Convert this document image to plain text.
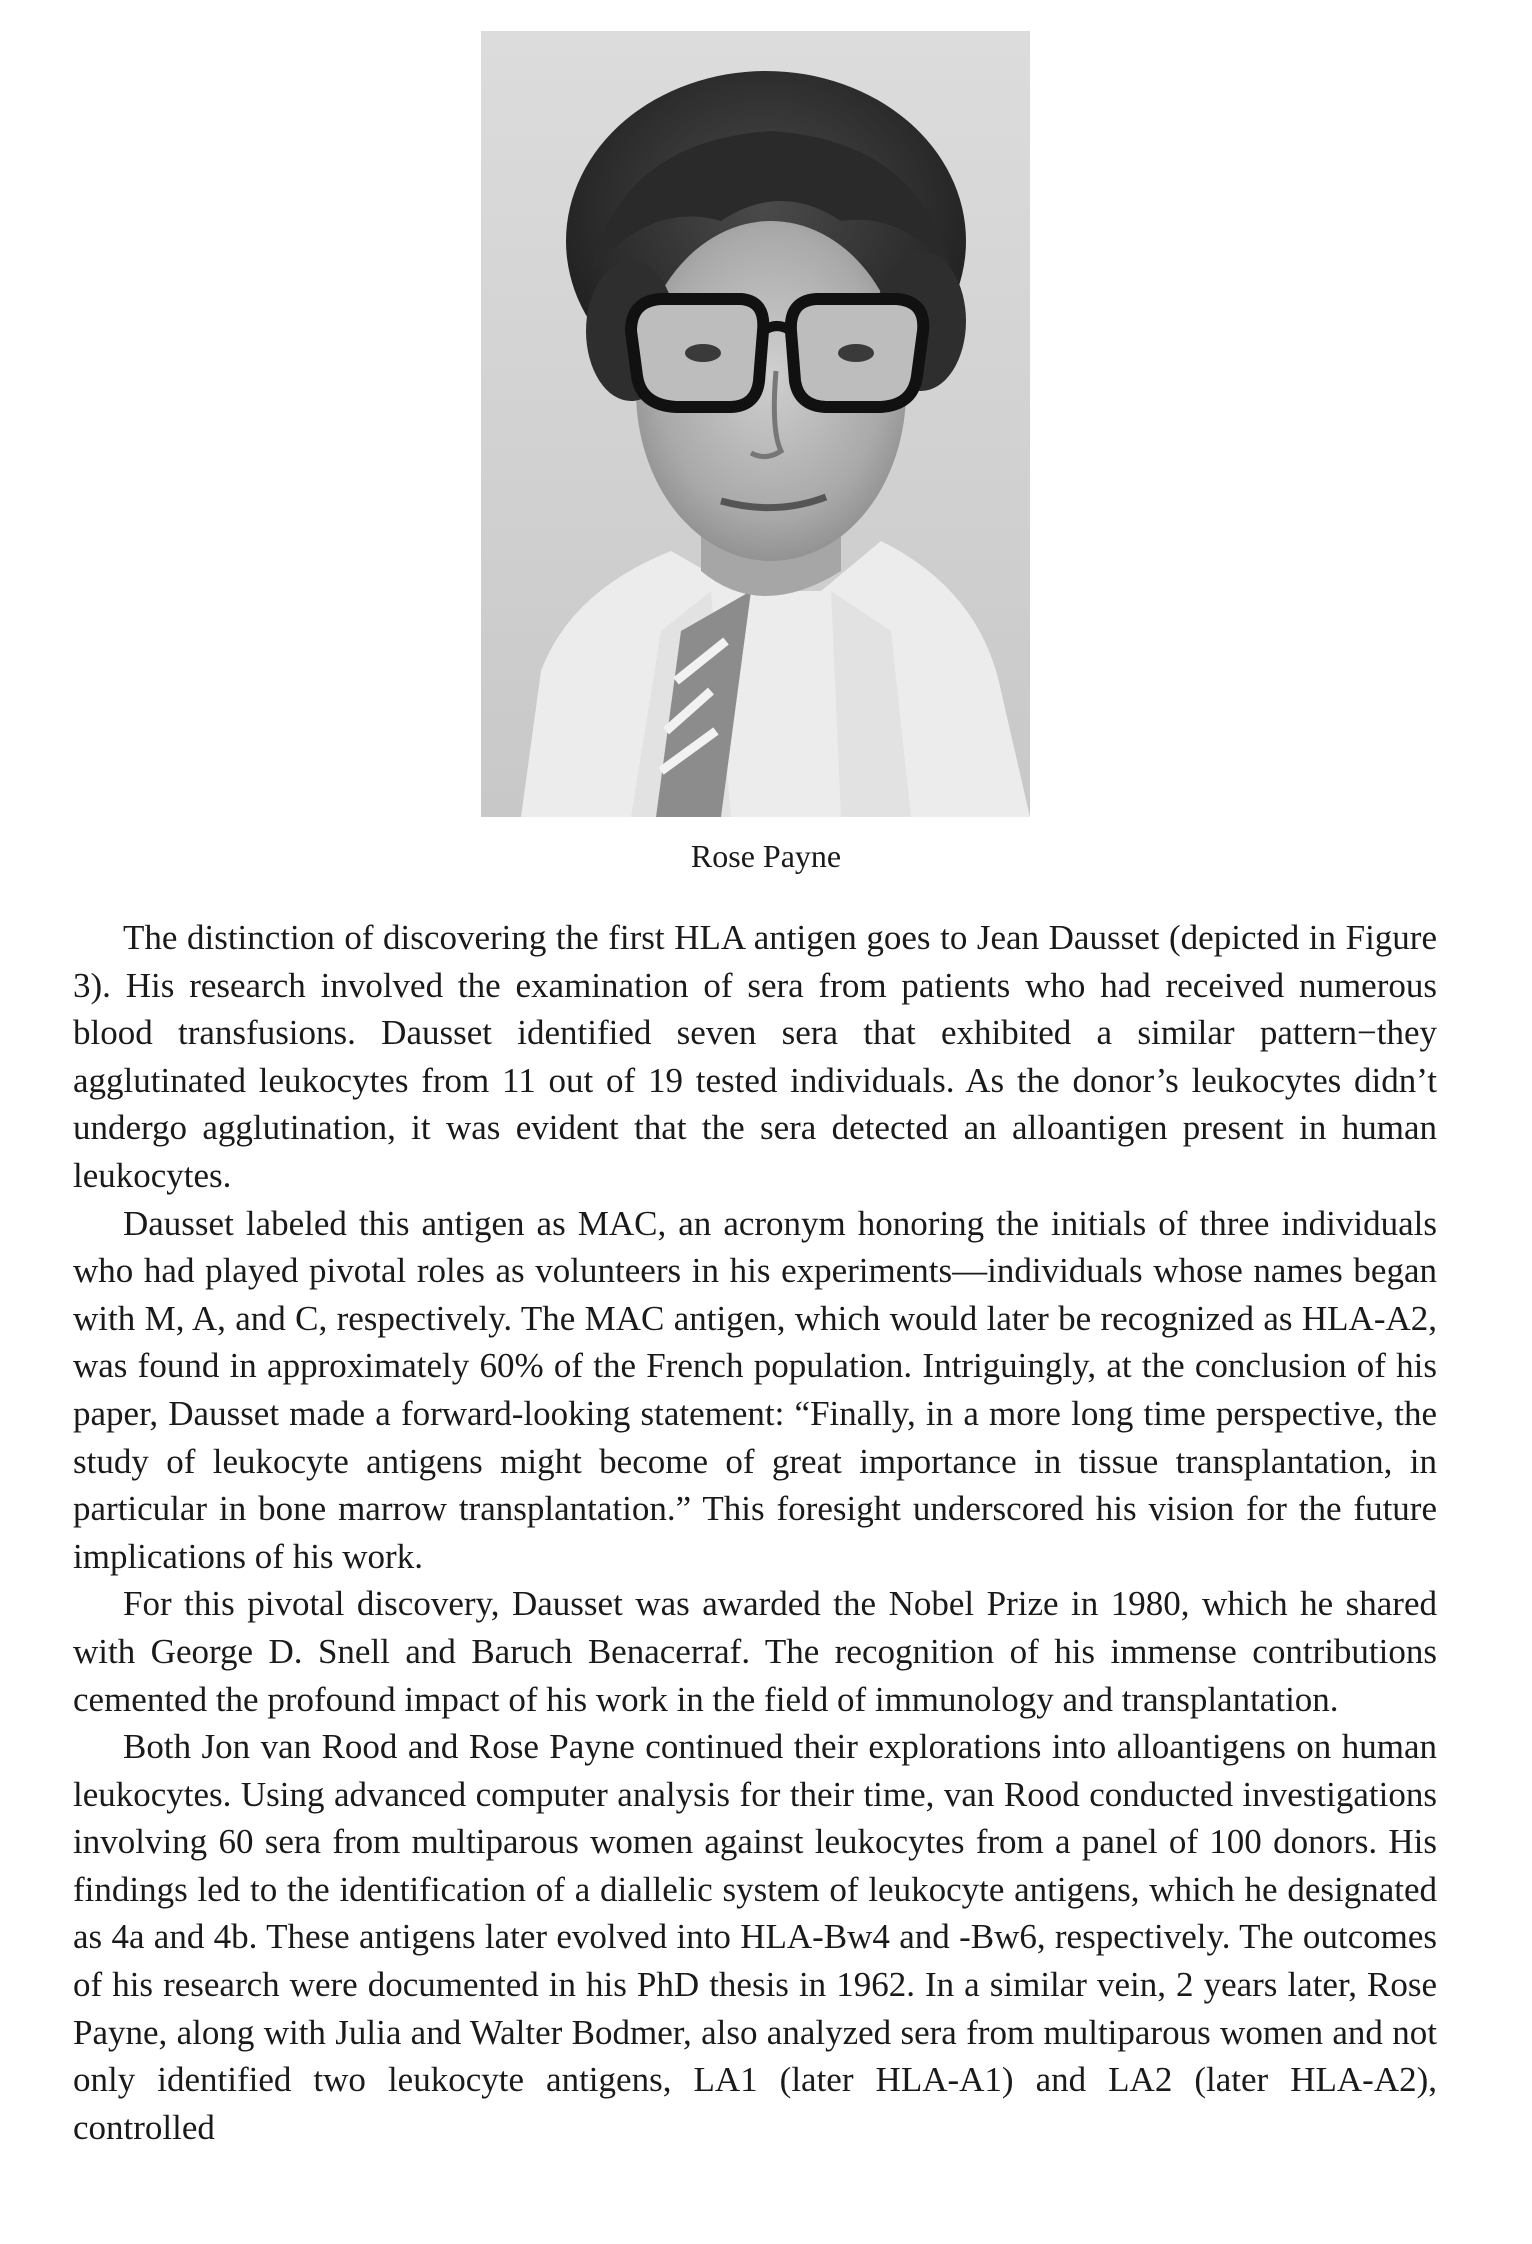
Rose Payne

The distinction of discovering the first HLA antigen goes to Jean Dausset (depicted in Figure 3). His research involved the examination of sera from patients who had received numerous blood transfusions. Dausset identified seven sera that exhibited a similar pattern−they agglutinated leukocytes from 11 out of 19 tested individuals. As the donor’s leukocytes didn’t undergo agglutination, it was evident that the sera detected an alloantigen present in human leukocytes.

Dausset labeled this antigen as MAC, an acronym honoring the initials of three individuals who had played pivotal roles as volunteers in his experiments—individuals whose names began with M, A, and C, respectively. The MAC antigen, which would later be recognized as HLA-A2, was found in approximately 60% of the French population. Intriguingly, at the conclusion of his paper, Dausset made a forward-looking statement: “Finally, in a more long time perspective, the study of leukocyte antigens might become of great importance in tissue transplantation, in particular in bone marrow transplantation.” This foresight underscored his vision for the future implications of his work.

For this pivotal discovery, Dausset was awarded the Nobel Prize in 1980, which he shared with George D. Snell and Baruch Benacerraf. The recognition of his immense contributions cemented the profound impact of his work in the field of immunology and transplantation.

Both Jon van Rood and Rose Payne continued their explorations into alloantigens on human leukocytes. Using advanced computer analysis for their time, van Rood conducted investigations involving 60 sera from multiparous women against leukocytes from a panel of 100 donors. His findings led to the identification of a diallelic system of leukocyte antigens, which he designated as 4a and 4b. These antigens later evolved into HLA-Bw4 and -Bw6, respectively. The outcomes of his research were documented in his PhD thesis in 1962. In a similar vein, 2 years later, Rose Payne, along with Julia and Walter Bodmer, also analyzed sera from multiparous women and not only identified two leukocyte antigens, LA1 (later HLA-A1) and LA2 (later HLA-A2), controlled
